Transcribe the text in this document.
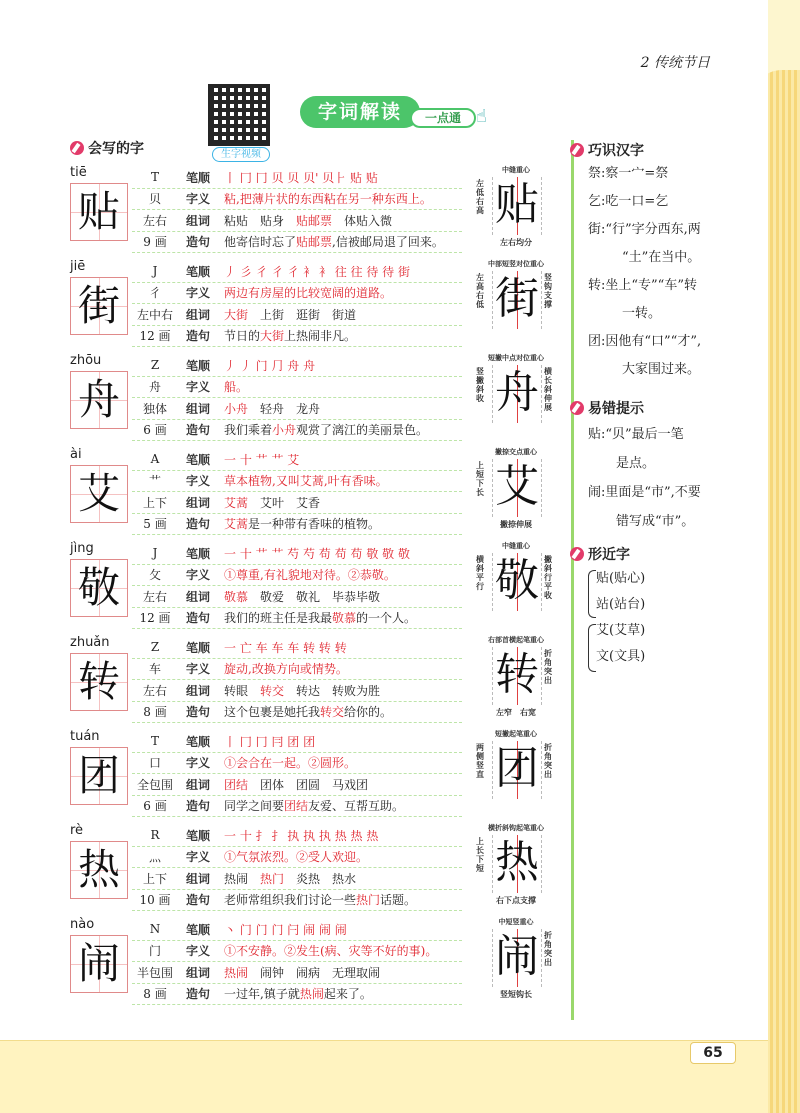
2 传统节日
生字视频
字词解读	一点通 ☝
会写的字
tiē
贴
T	笔顺	丨 冂 冂 贝 贝 贝' 贝⺊ 贴 贴
贝	字义	粘,把薄片状的东西粘在另一种东西上。
左右	组词	粘贴　贴身　贴邮票　体贴入微
9 画	造句	他寄信时忘了贴邮票,信被邮局退了回来。
中缝重心
左低右高 贴
左右均分
jiē
街
J	笔顺	丿 彡 彳 彳 彳 衤 衤 往 往 待 待 街
彳	字义	两边有房屋的比较宽阔的道路。
左中右	组词	大街　上街　逛街　街道
12 画	造句	节日的大街上热闹非凡。
中部短竖对位重心
左高右低 街 竖钩支撑
zhōu
舟
Z	笔顺	丿 丿 门 ⺆ 舟 舟
舟	字义	船。
独体	组词	小舟　轻舟　龙舟
6 画	造句	我们乘着小舟观赏了漓江的美丽景色。
短撇中点对位重心
竖撇斜收 舟 横长斜伸展
ài
艾
A	笔顺	一 十 艹 艹 艾
艹	字义	草本植物,又叫艾蒿,叶有香味。
上下	组词	艾蒿　艾叶　艾香
5 画	造句	艾蒿是一种带有香味的植物。
撇捺交点重心
上短下长 艾
撇捺伸展
jìng
敬
J	笔顺	一 十 艹 艹 芍 芍 苟 苟 苟 敬 敬 敬
攵	字义	①尊重,有礼貌地对待。②恭敬。
左右	组词	敬慕　敬爱　敬礼　毕恭毕敬
12 画	造句	我们的班主任是我最敬慕的一个人。
中缝重心
横斜平行 敬 撇斜行平收
zhuǎn
转
Z	笔顺	一 亡 车 车 车 转 转 转
车	字义	旋动,改换方向或情势。
左右	组词	转眼　转交　转达　转败为胜
8 画	造句	这个包裹是她托我转交给你的。
右部首横起笔重心
转 折角突出
左窄　右宽
tuán
团
T	笔顺	丨 冂 冂 冃 团 团
口	字义	①会合在一起。②圆形。
全包围	组词	团结　团体　团圆　马戏团
6 画	造句	同学之间要团结友爱、互帮互助。
短撇起笔重心
两侧竖直 团 折角突出
rè
热
R	笔顺	一 十 扌 扌 执 执 执 热 热 热
灬	字义	①气氛浓烈。②受人欢迎。
上下	组词	热闹　热门　炎热　热水
10 画	造句	老师常组织我们讨论一些热门话题。
横折斜钩起笔重心
上长下短 热
右下点支撑
nào
闹
N	笔顺	丶 门 门 门 闩 闹 闹 闹
门	字义	①不安静。②发生(病、灾等不好的事)。
半包围	组词	热闹　闹钟　闹病　无理取闹
8 画	造句	一过年,镇子就热闹起来了。
中短竖重心
闹 折角突出
竖短钩长
巧识汉字
祭:察一宀=祭
乞:吃一口=乞
街:“行”字分西东,两
“土”在当中。
转:坐上“专”“车”转
一转。
团:因他有“口”“才”,
大家围过来。
易错提示
贴:“贝”最后一笔
是点。
闹:里面是“市”,不要
错写成“巿”。
形近字
贴(贴心)
站(站台)
艾(艾草)
文(文具)
65
